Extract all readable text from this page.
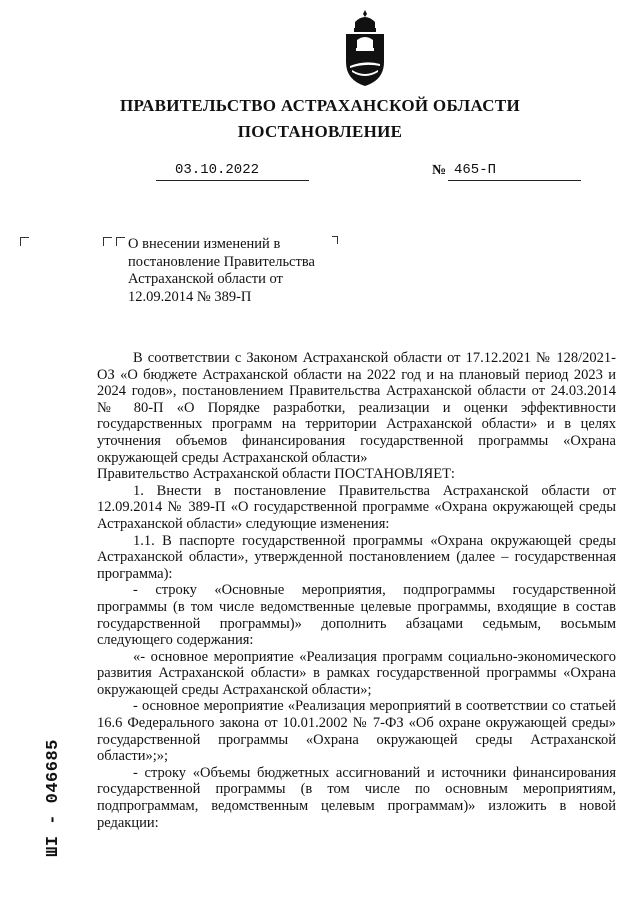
ПРАВИТЕЛЬСТВО АСТРАХАНСКОЙ ОБЛАСТИ
ПОСТАНОВЛЕНИЕ
03.10.2022	№ 465-П
О внесении изменений в постановление Правительства Астраханской области от 12.09.2014 № 389-П

В соответствии с Законом Астраханской области от 17.12.2021 № 128/2021-ОЗ «О бюджете Астраханской области на 2022 год и на плановый период 2023 и 2024 годов», постановлением Правительства Астраханской области от 24.03.2014 № 80-П «О Порядке разработки, реализации и оценки эффективности государственных программ на территории Астраханской области» и в целях уточнения объемов финансирования государственной программы «Охрана окружающей среды Астраханской области»

Правительство Астраханской области ПОСТАНОВЛЯЕТ:

1. Внести в постановление Правительства Астраханской области от 12.09.2014 № 389-П «О государственной программе «Охрана окружающей среды Астраханской области» следующие изменения:

1.1. В паспорте государственной программы «Охрана окружающей среды Астраханской области», утвержденной постановлением (далее – государственная программа):

- строку «Основные мероприятия, подпрограммы государственной программы (в том числе ведомственные целевые программы, входящие в состав государственной программы)» дополнить абзацами седьмым, восьмым следующего содержания:

«- основное мероприятие «Реализация программ социально-экономического развития Астраханской области» в рамках государственной программы «Охрана окружающей среды Астраханской области»;

- основное мероприятие «Реализация мероприятий в соответствии со статьей 16.6 Федерального закона от 10.01.2002 № 7-ФЗ «Об охране окружающей среды» государственной программы «Охрана окружающей среды Астраханской области»;»;

- строку «Объемы бюджетных ассигнований и источники финансирования государственной программы (в том числе по основным мероприятиям, подпрограммам, ведомственным целевым программам)» изложить в новой редакции:

ШI - 046685
